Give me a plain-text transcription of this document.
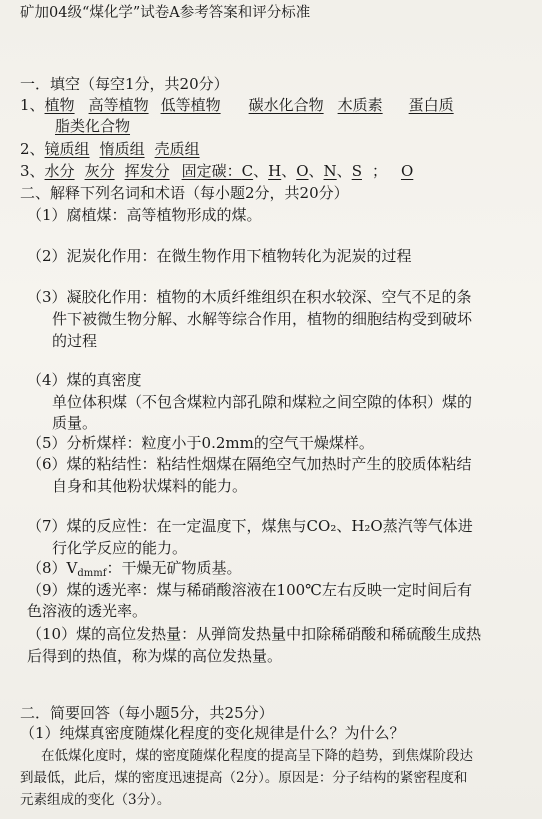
矿加04级“煤化学”试卷A参考答案和评分标准
一．填空（每空1分，共20分）
1、植物 高等植物 低等植物 碳水化合物 木质素 蛋白质
脂类化合物
2、镜质组 惰质组 壳质组
3、水分 灰分 挥发分 固定碳：C、H、O、N、S ； O
二、解释下列名词和术语（每小题2分，共20分）
（1）腐植煤：高等植物形成的煤。
（2）泥炭化作用：在微生物作用下植物转化为泥炭的过程
（3）凝胶化作用：植物的木质纤维组织在积水较深、空气不足的条
件下被微生物分解、水解等综合作用，植物的细胞结构受到破坏
的过程
（4）煤的真密度
单位体积煤（不包含煤粒内部孔隙和煤粒之间空隙的体积）煤的
质量。
（5）分析煤样：粒度小于0.2mm的空气干燥煤样。
（6）煤的粘结性：粘结性烟煤在隔绝空气加热时产生的胶质体粘结
自身和其他粉状煤料的能力。
（7）煤的反应性：在一定温度下，煤焦与CO₂、H₂O蒸汽等气体进
行化学反应的能力。
$(8)V_{dmmf}$：干燥无矿物质基。
（9）煤的透光率：煤与稀硝酸溶液在100℃左右反映一定时间后有
色溶液的透光率。
（10）煤的高位发热量：从弹筒发热量中扣除稀硝酸和稀硫酸生成热
后得到的热值，称为煤的高位发热量。
二．简要回答（每小题5分，共25分）
（1）纯煤真密度随煤化程度的变化规律是什么？为什么？
在低煤化度时，煤的密度随煤化程度的提高呈下降的趋势，到焦煤阶段达
到最低，此后，煤的密度迅速提高（2分）。原因是：分子结构的紧密程度和
元素组成的变化（3分）。
